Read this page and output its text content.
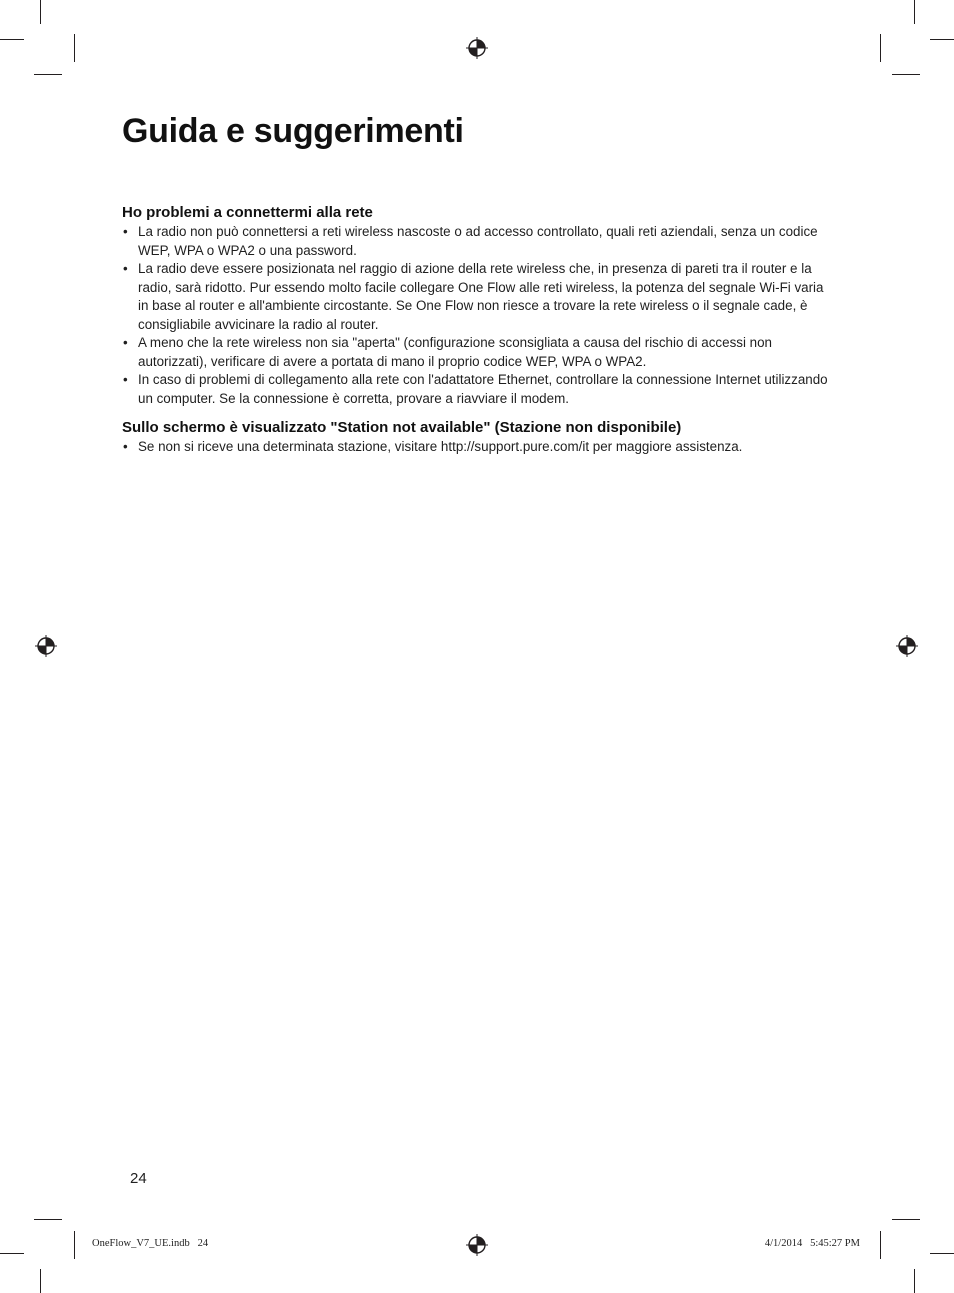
Guida e suggerimenti
Ho problemi a connettermi alla rete
• La radio non può connettersi a reti wireless nascoste o ad accesso controllato, quali reti aziendali, senza un codice WEP, WPA o WPA2 o una password.
• La radio deve essere posizionata nel raggio di azione della rete wireless che, in presenza di pareti tra il router e la radio, sarà ridotto. Pur essendo molto facile collegare One Flow alle reti wireless, la potenza del segnale Wi-Fi varia in base al router e all'ambiente circostante. Se One Flow non riesce a trovare la rete wireless o il segnale cade, è consigliabile avvicinare la radio al router.
• A meno che la rete wireless non sia "aperta" (configurazione sconsigliata a causa del rischio di accessi non autorizzati), verificare di avere a portata di mano il proprio codice WEP, WPA o WPA2.
• In caso di problemi di collegamento alla rete con l'adattatore Ethernet, controllare la connessione Internet utilizzando un computer. Se la connessione è corretta, provare a riavviare il modem.
Sullo schermo è visualizzato "Station not available" (Stazione non disponibile)
• Se non si riceve una determinata stazione, visitare http://support.pure.com/it per maggiore assistenza.
24
OneFlow_V7_UE.indb   24	4/1/2014   5:45:27 PM
